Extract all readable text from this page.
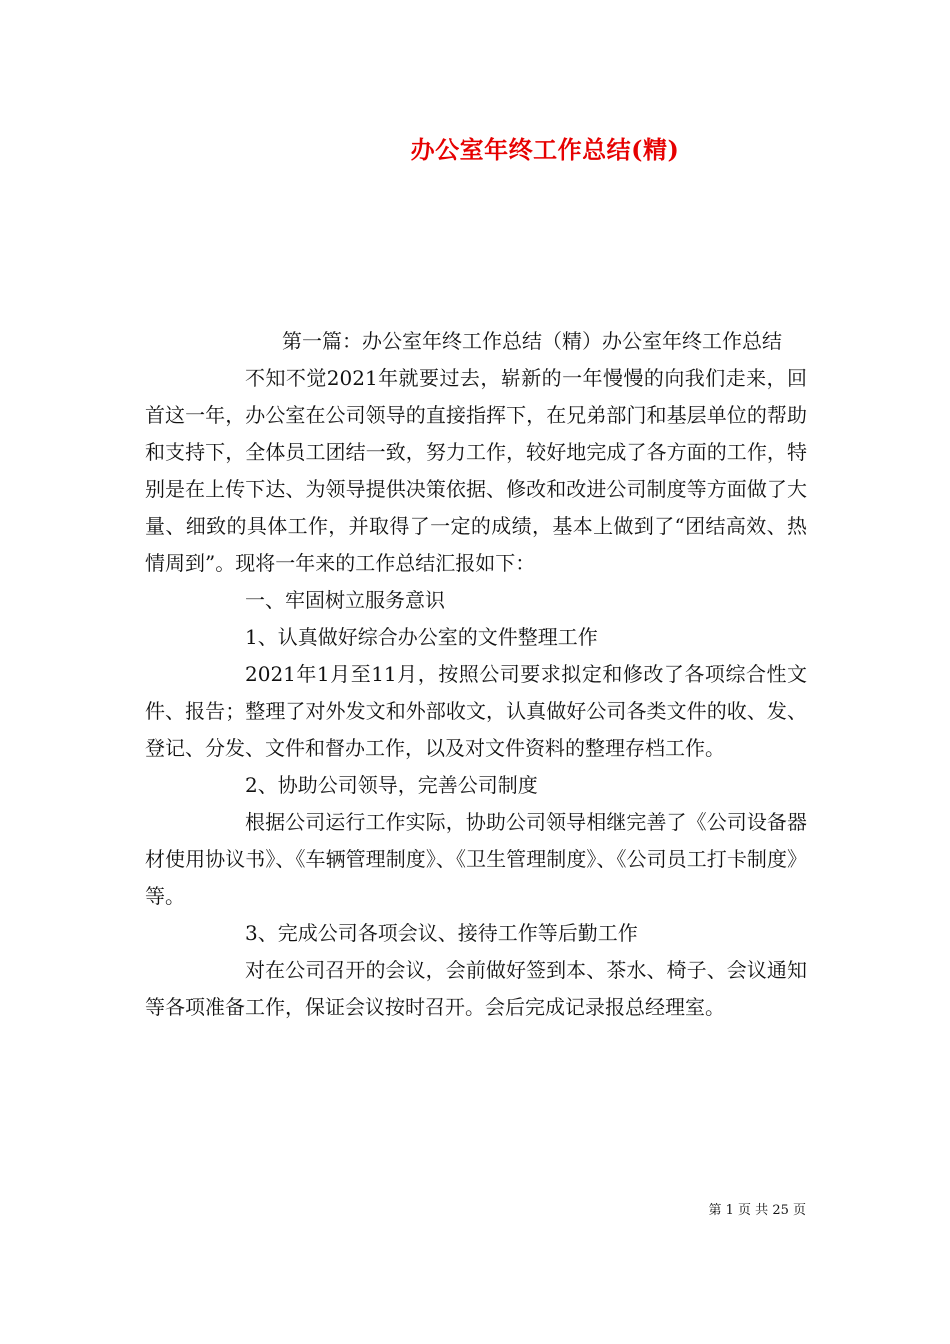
办公室年终工作总结(精)

第一篇：办公室年终工作总结（精）办公室年终工作总结

不知不觉2021年就要过去，崭新的一年慢慢的向我们走来，回首这一年，办公室在公司领导的直接指挥下，在兄弟部门和基层单位的帮助和支持下，全体员工团结一致，努力工作，较好地完成了各方面的工作，特别是在上传下达、为领导提供决策依据、修改和改进公司制度等方面做了大量、细致的具体工作，并取得了一定的成绩，基本上做到了“团结高效、热情周到”。现将一年来的工作总结汇报如下：

一、牢固树立服务意识

1、认真做好综合办公室的文件整理工作

2021年1月至11月，按照公司要求拟定和修改了各项综合性文件、报告；整理了对外发文和外部收文，认真做好公司各类文件的收、发、登记、分发、文件和督办工作，以及对文件资料的整理存档工作。

2、协助公司领导，完善公司制度

根据公司运行工作实际，协助公司领导相继完善了《公司设备器材使用协议书》、《车辆管理制度》、《卫生管理制度》、《公司员工打卡制度》等。

3、完成公司各项会议、接待工作等后勤工作

对在公司召开的会议，会前做好签到本、茶水、椅子、会议通知等各项准备工作，保证会议按时召开。会后完成记录报总经理室。

第 1 页 共 25 页
